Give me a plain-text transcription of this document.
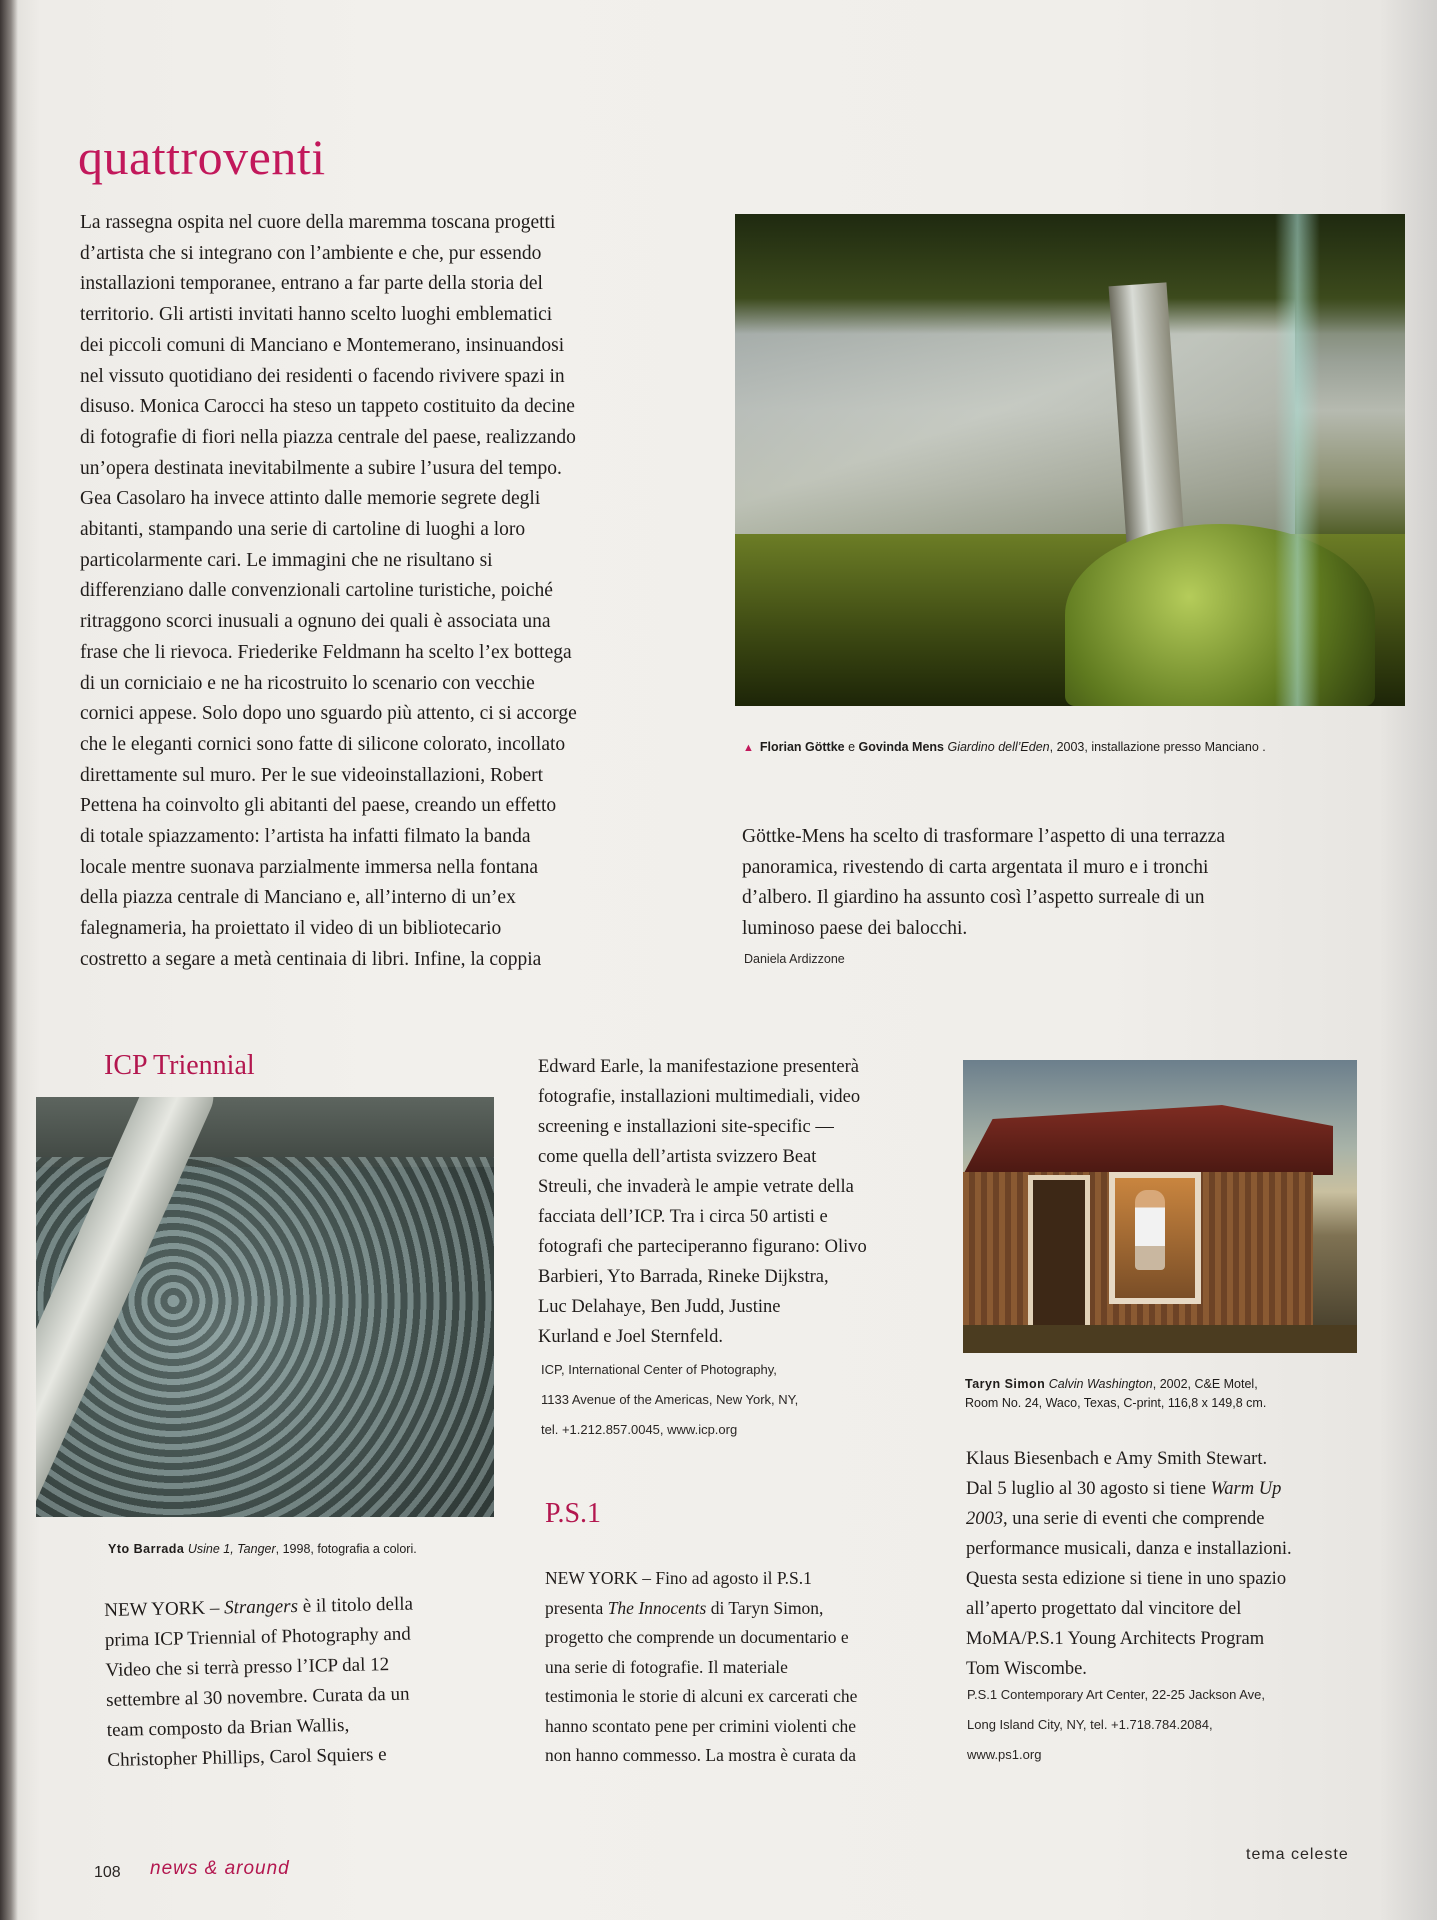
quattroventi
La rassegna ospita nel cuore della maremma toscana progetti
d’artista che si integrano con l’ambiente e che, pur essendo
installazioni temporanee, entrano a far parte della storia del
territorio. Gli artisti invitati hanno scelto luoghi emblematici
dei piccoli comuni di Manciano e Montemerano, insinuandosi
nel vissuto quotidiano dei residenti o facendo rivivere spazi in
disuso. Monica Carocci ha steso un tappeto costituito da decine
di fotografie di fiori nella piazza centrale del paese, realizzando
un’opera destinata inevitabilmente a subire l’usura del tempo.
Gea Casolaro ha invece attinto dalle memorie segrete degli
abitanti, stampando una serie di cartoline di luoghi a loro
particolarmente cari. Le immagini che ne risultano si
differenziano dalle convenzionali cartoline turistiche, poiché
ritraggono scorci inusuali a ognuno dei quali è associata una
frase che li rievoca. Friederike Feldmann ha scelto l’ex bottega
di un corniciaio e ne ha ricostruito lo scenario con vecchie
cornici appese. Solo dopo uno sguardo più attento, ci si accorge
che le eleganti cornici sono fatte di silicone colorato, incollato
direttamente sul muro. Per le sue videoinstallazioni, Robert
Pettena ha coinvolto gli abitanti del paese, creando un effetto
di totale spiazzamento: l’artista ha infatti filmato la banda
locale mentre suonava parzialmente immersa nella fontana
della piazza centrale di Manciano e, all’interno di un’ex
falegnameria, ha proiettato il video di un bibliotecario
costretto a segare a metà centinaia di libri. Infine, la coppia
▲ Florian Göttke e Govinda Mens Giardino dell’Eden, 2003, installazione presso Manciano .
Göttke-Mens ha scelto di trasformare l’aspetto di una terrazza
panoramica, rivestendo di carta argentata il muro e i tronchi
d’albero. Il giardino ha assunto così l’aspetto surreale di un
luminoso paese dei balocchi.
Daniela Ardizzone
ICP Triennial
Yto Barrada Usine 1, Tanger, 1998, fotografia a colori.
NEW YORK – Strangers è il titolo della
prima ICP Triennial of Photography and
Video che si terrà presso l’ICP dal 12
settembre al 30 novembre. Curata da un
team composto da Brian Wallis,
Christopher Phillips, Carol Squiers e
Edward Earle, la manifestazione presenterà
fotografie, installazioni multimediali, video
screening e installazioni site-specific —
come quella dell’artista svizzero Beat
Streuli, che invaderà le ampie vetrate della
facciata dell’ICP. Tra i circa 50 artisti e
fotografi che parteciperanno figurano: Olivo
Barbieri, Yto Barrada, Rineke Dijkstra,
Luc Delahaye, Ben Judd, Justine
Kurland e Joel Sternfeld.
ICP, International Center of Photography,
1133 Avenue of the Americas, New York, NY,
tel. +1.212.857.0045, www.icp.org
P.S.1
NEW YORK – Fino ad agosto il P.S.1
presenta The Innocents di Taryn Simon,
progetto che comprende un documentario e
una serie di fotografie. Il materiale
testimonia le storie di alcuni ex carcerati che
hanno scontato pene per crimini violenti che
non hanno commesso. La mostra è curata da
Taryn Simon Calvin Washington, 2002, C&E Motel,
Room No. 24, Waco, Texas, C-print, 116,8 x 149,8 cm.
Klaus Biesenbach e Amy Smith Stewart.
Dal 5 luglio al 30 agosto si tiene Warm Up
2003, una serie di eventi che comprende
performance musicali, danza e installazioni.
Questa sesta edizione si tiene in uno spazio
all’aperto progettato dal vincitore del
MoMA/P.S.1 Young Architects Program
Tom Wiscombe.
P.S.1 Contemporary Art Center, 22-25 Jackson Ave,
Long Island City, NY, tel. +1.718.784.2084,
www.ps1.org
108 news & around
tema celeste
